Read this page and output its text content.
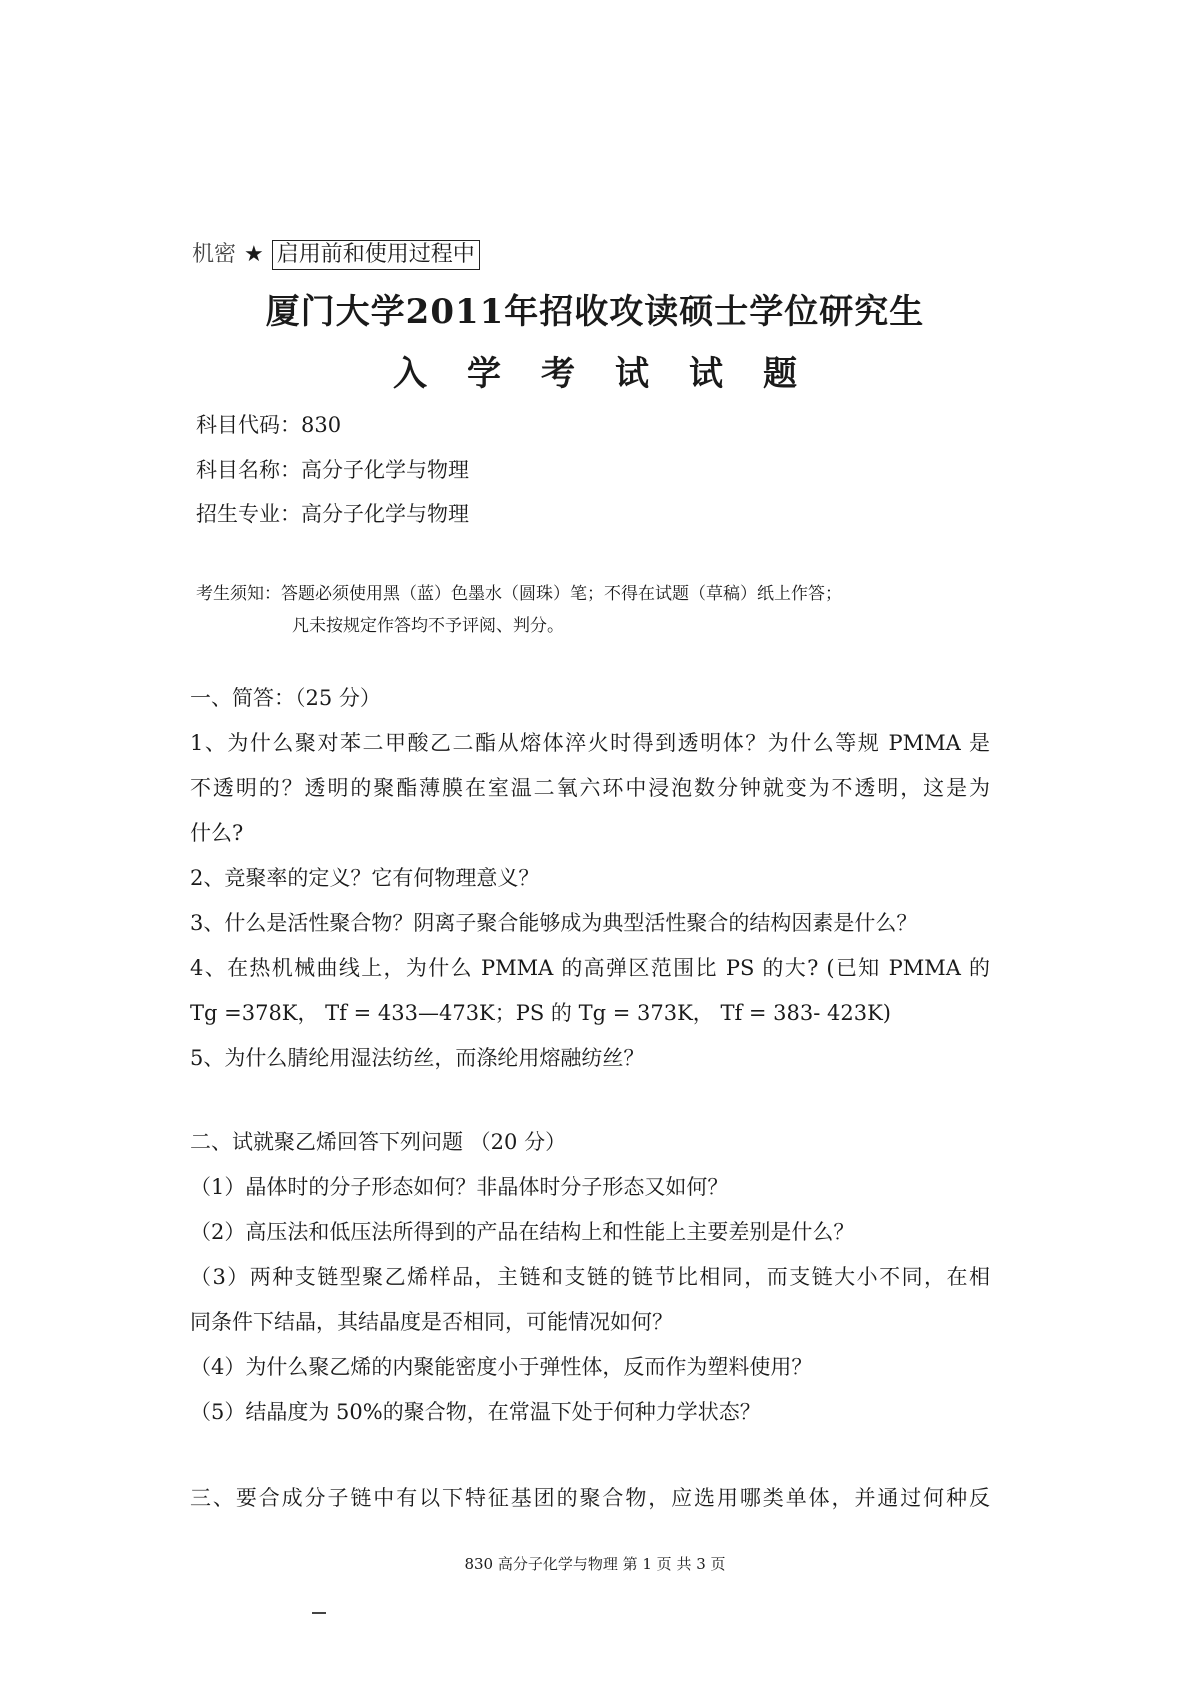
机密 ★ 启用前和使用过程中
厦门大学2011年招收攻读硕士学位研究生
入学考试试题
科目代码：830
科目名称：高分子化学与物理
招生专业：高分子化学与物理
考生须知：答题必须使用黑（蓝）色墨水（圆珠）笔；不得在试题（草稿）纸上作答；
凡未按规定作答均不予评阅、判分。
一、简答：（25 分）
1、为什么聚对苯二甲酸乙二酯从熔体淬火时得到透明体？为什么等规 PMMA 是
不透明的？透明的聚酯薄膜在室温二氧六环中浸泡数分钟就变为不透明，这是为
什么?
2、竞聚率的定义？它有何物理意义？
3、什么是活性聚合物？阴离子聚合能够成为典型活性聚合的结构因素是什么？
4、在热机械曲线上，为什么 PMMA 的高弹区范围比 PS 的大? (已知 PMMA 的
Tg =378K， Tf = 433—473K；PS 的 Tg = 373K， Tf = 383- 423K)
5、为什么腈纶用湿法纺丝，而涤纶用熔融纺丝？
二、试就聚乙烯回答下列问题 （20 分）
（1）晶体时的分子形态如何？非晶体时分子形态又如何？
（2）高压法和低压法所得到的产品在结构上和性能上主要差别是什么？
（3）两种支链型聚乙烯样品，主链和支链的链节比相同，而支链大小不同，在相
同条件下结晶，其结晶度是否相同，可能情况如何？
（4）为什么聚乙烯的内聚能密度小于弹性体，反而作为塑料使用？
（5）结晶度为 50%的聚合物，在常温下处于何种力学状态？
三、要合成分子链中有以下特征基团的聚合物，应选用哪类单体，并通过何种反
830 高分子化学与物理 第 1 页 共 3 页
